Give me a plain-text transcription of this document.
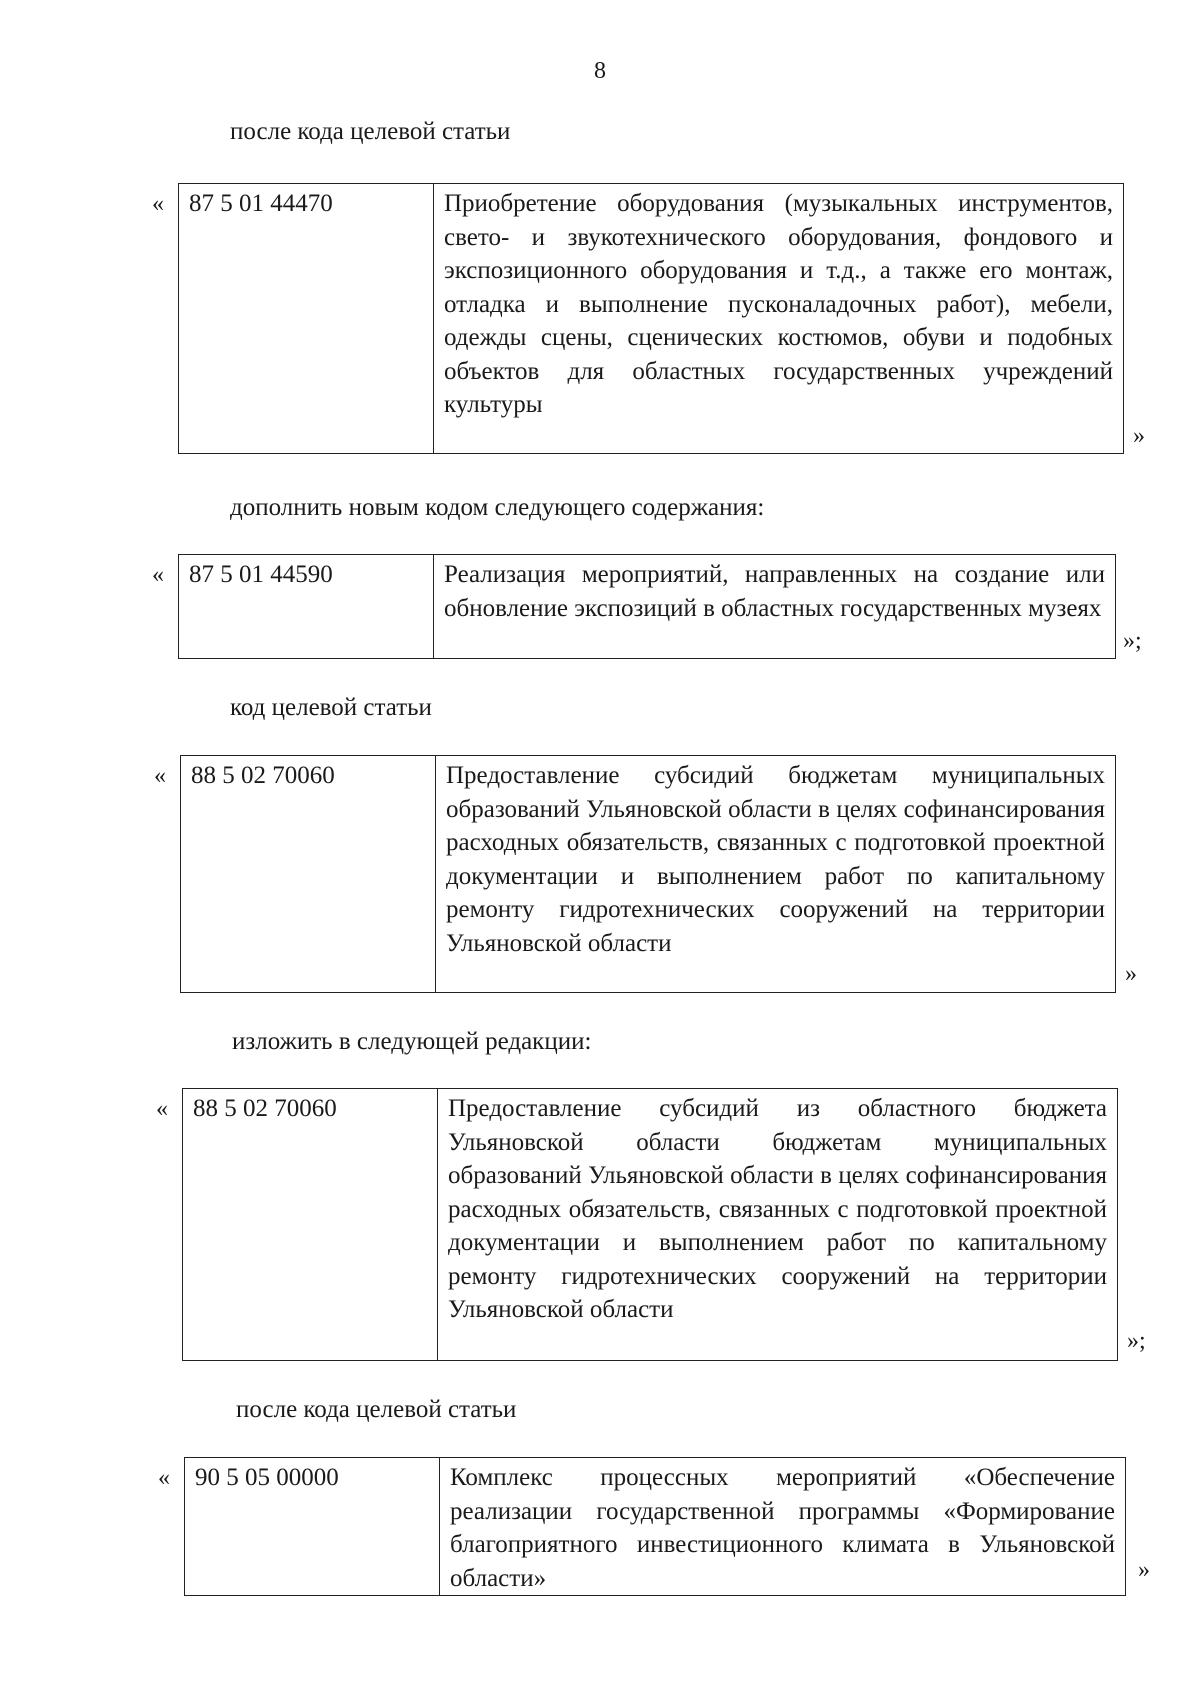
8
после кода целевой статьи
« 87 5 01 44470	Приобретение оборудования (музыкальных инструментов, свето- и звукотехнического оборудования, фондового и экспозиционного оборудования и т.д., а также его монтаж, отладка и выполнение пусконаладочных работ), мебели, одежды сцены, сценических костюмов, обуви и подобных объектов для областных государственных учреждений культуры
»
дополнить новым кодом следующего содержания:
« 87 5 01 44590	Реализация мероприятий, направленных на создание или обновление экспозиций в областных государственных музеях
»;
код целевой статьи
« 88 5 02 70060	Предоставление субсидий бюджетам муниципальных образований Ульяновской области в целях софинансирования расходных обязательств, связанных с подготовкой проектной документации и выполнением работ по капитальному ремонту гидротехнических сооружений на территории Ульяновской области
»
изложить в следующей редакции:
« 88 5 02 70060	Предоставление субсидий из областного бюджета Ульяновской области бюджетам муниципальных образований Ульяновской области в целях софинансирования расходных обязательств, связанных с подготовкой проектной документации и выполнением работ по капитальному ремонту гидротехнических сооружений на территории Ульяновской области
»;
после кода целевой статьи
« 90 5 05 00000	Комплекс процессных мероприятий «Обеспечение реализации государственной программы «Формирование благоприятного инвестиционного климата в Ульяновской области»	»
